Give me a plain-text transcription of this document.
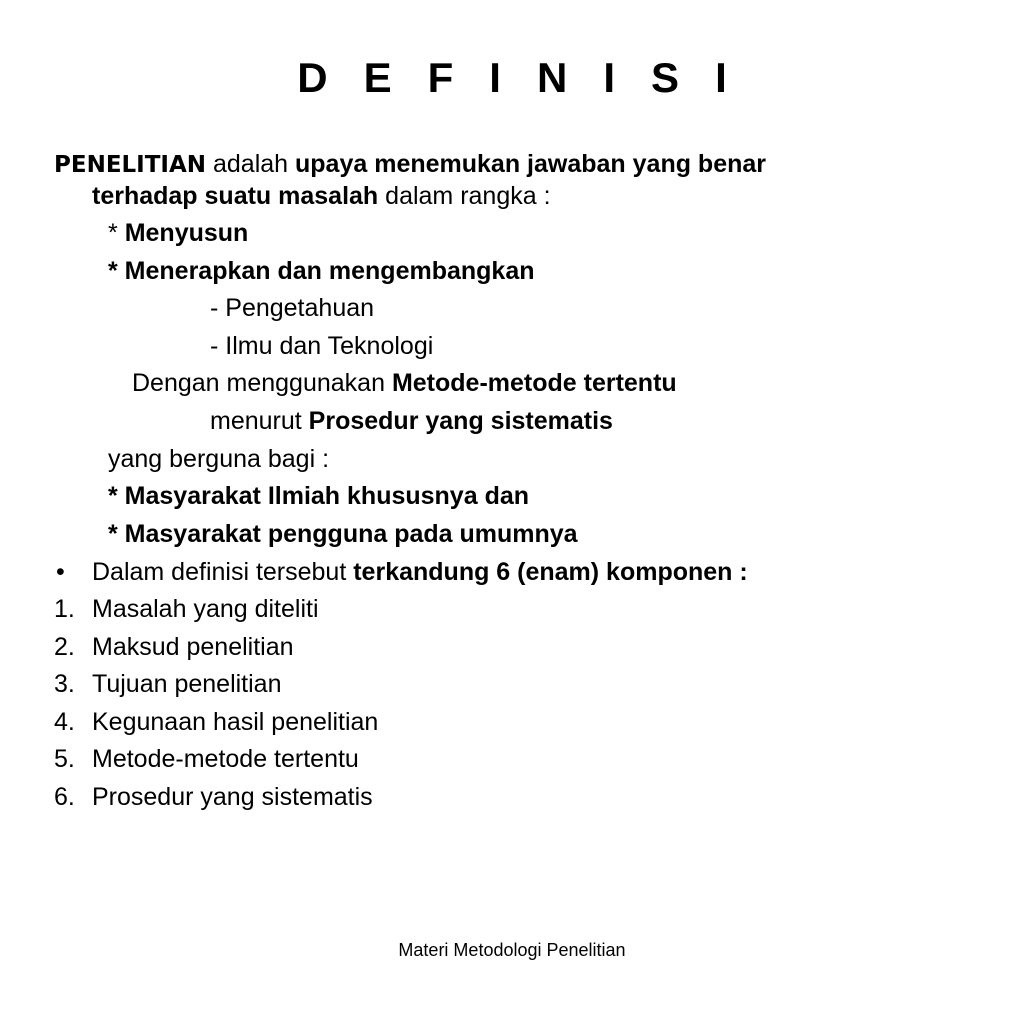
D E F I N I S I
PENELITIAN adalah upaya menemukan jawaban yang benar
terhadap suatu masalah dalam rangka :
* Menyusun
* Menerapkan dan mengembangkan
- Pengetahuan
- Ilmu dan Teknologi
Dengan menggunakan Metode-metode tertentu
menurut Prosedur yang sistematis
yang berguna bagi :
* Masyarakat Ilmiah khususnya dan
* Masyarakat pengguna pada umumnya
• Dalam definisi tersebut terkandung 6 (enam) komponen :
1. Masalah yang diteliti
2. Maksud penelitian
3. Tujuan penelitian
4. Kegunaan hasil penelitian
5. Metode-metode tertentu
6. Prosedur yang sistematis
Materi Metodologi Penelitian
